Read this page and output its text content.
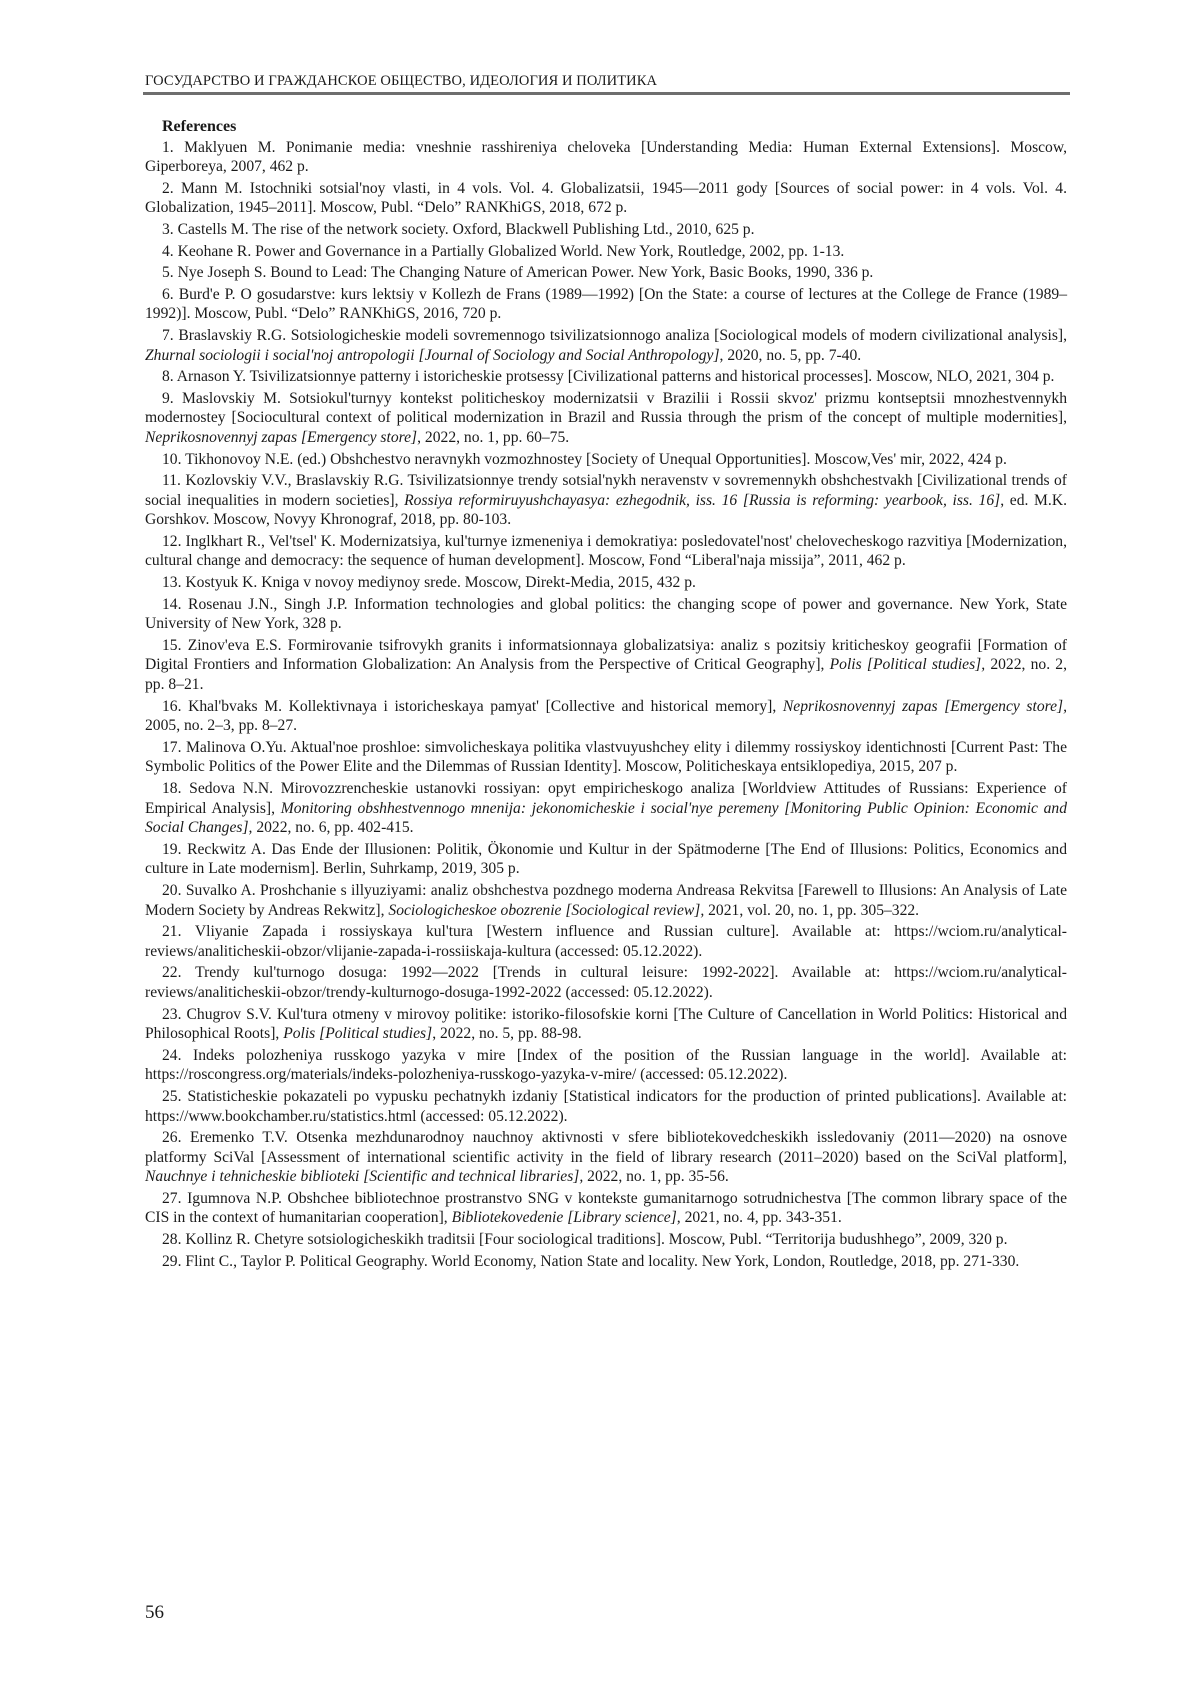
ГОСУДАРСТВО И ГРАЖДАНСКОЕ ОБЩЕСТВО, ИДЕОЛОГИЯ И ПОЛИТИКА
References

1. Maklyuen M. Ponimanie media: vneshnie rasshireniya cheloveka [Understanding Media: Human External Extensions]. Moscow, Giperboreya, 2007, 462 p.

2. Mann M. Istochniki sotsial'noy vlasti, in 4 vols. Vol. 4. Globalizatsii, 1945—2011 gody [Sources of social power: in 4 vols. Vol. 4. Globalization, 1945–2011]. Moscow, Publ. “Delo” RANKhiGS, 2018, 672 p.

3. Castells M. The rise of the network society. Oxford, Blackwell Publishing Ltd., 2010, 625 p.

4. Keohane R. Power and Governance in a Partially Globalized World. New York, Routledge, 2002, pp. 1-13.

5. Nye Joseph S. Bound to Lead: The Changing Nature of American Power. New York, Basic Books, 1990, 336 p.

6. Burd'e P. O gosudarstve: kurs lektsiy v Kollezh de Frans (1989—1992) [On the State: a course of lectures at the College de France (1989–1992)]. Moscow, Publ. “Delo” RANKhiGS, 2016, 720 p.

7. Braslavskiy R.G. Sotsiologicheskie modeli sovremennogo tsivilizatsionnogo analiza [Sociological models of modern civilizational analysis], Zhurnal sociologii i social'noj antropologii [Journal of Sociology and Social Anthropology], 2020, no. 5, pp. 7-40.

8. Arnason Y. Tsivilizatsionnye patterny i istoricheskie protsessy [Civilizational patterns and historical processes]. Moscow, NLO, 2021, 304 p.

9. Maslovskiy M. Sotsiokul'turnyy kontekst politicheskoy modernizatsii v Brazilii i Rossii skvoz' prizmu kontseptsii mnozhestvennykh modernostey [Sociocultural context of political modernization in Brazil and Russia through the prism of the concept of multiple modernities], Neprikosnovennyj zapas [Emergency store], 2022, no. 1, pp. 60–75.

10. Tikhonovoy N.E. (ed.) Obshchestvo neravnykh vozmozhnostey [Society of Unequal Opportunities]. Moscow,Ves' mir, 2022, 424 p.

11. Kozlovskiy V.V., Braslavskiy R.G. Tsivilizatsionnye trendy sotsial'nykh neravenstv v sovremennykh obshchestvakh [Civilizational trends of social inequalities in modern societies], Rossiya reformiruyushchayasya: ezhegodnik, iss. 16 [Russia is reforming: yearbook, iss. 16], ed. M.K. Gorshkov. Moscow, Novyy Khronograf, 2018, pp. 80-103.

12. Inglkhart R., Vel'tsel' K. Modernizatsiya, kul'turnye izmeneniya i demokratiya: posledovatel'nost' chelovecheskogo razvitiya [Modernization, cultural change and democracy: the sequence of human development]. Moscow, Fond “Liberal'naja missija”, 2011, 462 p.

13. Kostyuk K. Kniga v novoy mediynoy srede. Moscow, Direkt-Media, 2015, 432 p.

14. Rosenau J.N., Singh J.P. Information technologies and global politics: the changing scope of power and governance. New York, State University of New York, 328 p.

15. Zinov'eva E.S. Formirovanie tsifrovykh granits i informatsionnaya globalizatsiya: analiz s pozitsiy kriticheskoy geografii [Formation of Digital Frontiers and Information Globalization: An Analysis from the Perspective of Critical Geography], Polis [Political studies], 2022, no. 2, pp. 8–21.

16. Khal'bvaks M. Kollektivnaya i istoricheskaya pamyat' [Collective and historical memory], Neprikosnovennyj zapas [Emergency store], 2005, no. 2–3, pp. 8–27.

17. Malinova O.Yu. Aktual'noe proshloe: simvolicheskaya politika vlastvuyushchey elity i dilemmy rossiyskoy identichnosti [Current Past: The Symbolic Politics of the Power Elite and the Dilemmas of Russian Identity]. Moscow, Politicheskaya entsiklopediya, 2015, 207 p.

18. Sedova N.N. Mirovozzrencheskie ustanovki rossiyan: opyt empiricheskogo analiza [Worldview Attitudes of Russians: Experience of Empirical Analysis], Monitoring obshhestvennogo mnenija: jekonomicheskie i social'nye peremeny [Monitoring Public Opinion: Economic and Social Changes], 2022, no. 6, pp. 402-415.

19. Reckwitz A. Das Ende der Illusionen: Politik, Ökonomie und Kultur in der Spätmoderne [The End of Illusions: Politics, Economics and culture in Late modernism]. Berlin, Suhrkamp, 2019, 305 p.

20. Suvalko A. Proshchanie s illyuziyami: analiz obshchestva pozdnego moderna Andreasa Rekvitsa [Farewell to Illusions: An Analysis of Late Modern Society by Andreas Rekwitz], Sociologicheskoe obozrenie [Sociological review], 2021, vol. 20, no. 1, pp. 305–322.

21. Vliyanie Zapada i rossiyskaya kul'tura [Western influence and Russian culture]. Available at: https://wciom.ru/analytical-reviews/analiticheskii-obzor/vlijanie-zapada-i-rossiiskaja-kultura (accessed: 05.12.2022).

22. Trendy kul'turnogo dosuga: 1992—2022 [Trends in cultural leisure: 1992-2022]. Available at: https://wciom.ru/analytical-reviews/analiticheskii-obzor/trendy-kulturnogo-dosuga-1992-2022 (accessed: 05.12.2022).

23. Chugrov S.V. Kul'tura otmeny v mirovoy politike: istoriko-filosofskie korni [The Culture of Cancellation in World Politics: Historical and Philosophical Roots], Polis [Political studies], 2022, no. 5, pp. 88-98.

24. Indeks polozheniya russkogo yazyka v mire [Index of the position of the Russian language in the world]. Available at: https://roscongress.org/materials/indeks-polozheniya-russkogo-yazyka-v-mire/ (accessed: 05.12.2022).

25. Statisticheskie pokazateli po vypusku pechatnykh izdaniy [Statistical indicators for the production of printed publications]. Available at: https://www.bookchamber.ru/statistics.html (accessed: 05.12.2022).

26. Eremenko T.V. Otsenka mezhdunarodnoy nauchnoy aktivnosti v sfere bibliotekovedcheskikh issledovaniy (2011—2020) na osnove platformy SciVal [Assessment of international scientific activity in the field of library research (2011–2020) based on the SciVal platform], Nauchnye i tehnicheskie biblioteki [Scientific and technical libraries], 2022, no. 1, pp. 35-56.

27. Igumnova N.P. Obshchee bibliotechnoe prostranstvo SNG v kontekste gumanitarnogo sotrudnichestva [The common library space of the CIS in the context of humanitarian cooperation], Bibliotekovedenie [Library science], 2021, no. 4, pp. 343-351.

28. Kollinz R. Chetyre sotsiologicheskikh traditsii [Four sociological traditions]. Moscow, Publ. “Territorija budushhego”, 2009, 320 p.

29. Flint C., Taylor P. Political Geography. World Economy, Nation State and locality. New York, London, Routledge, 2018, pp. 271-330.

56
